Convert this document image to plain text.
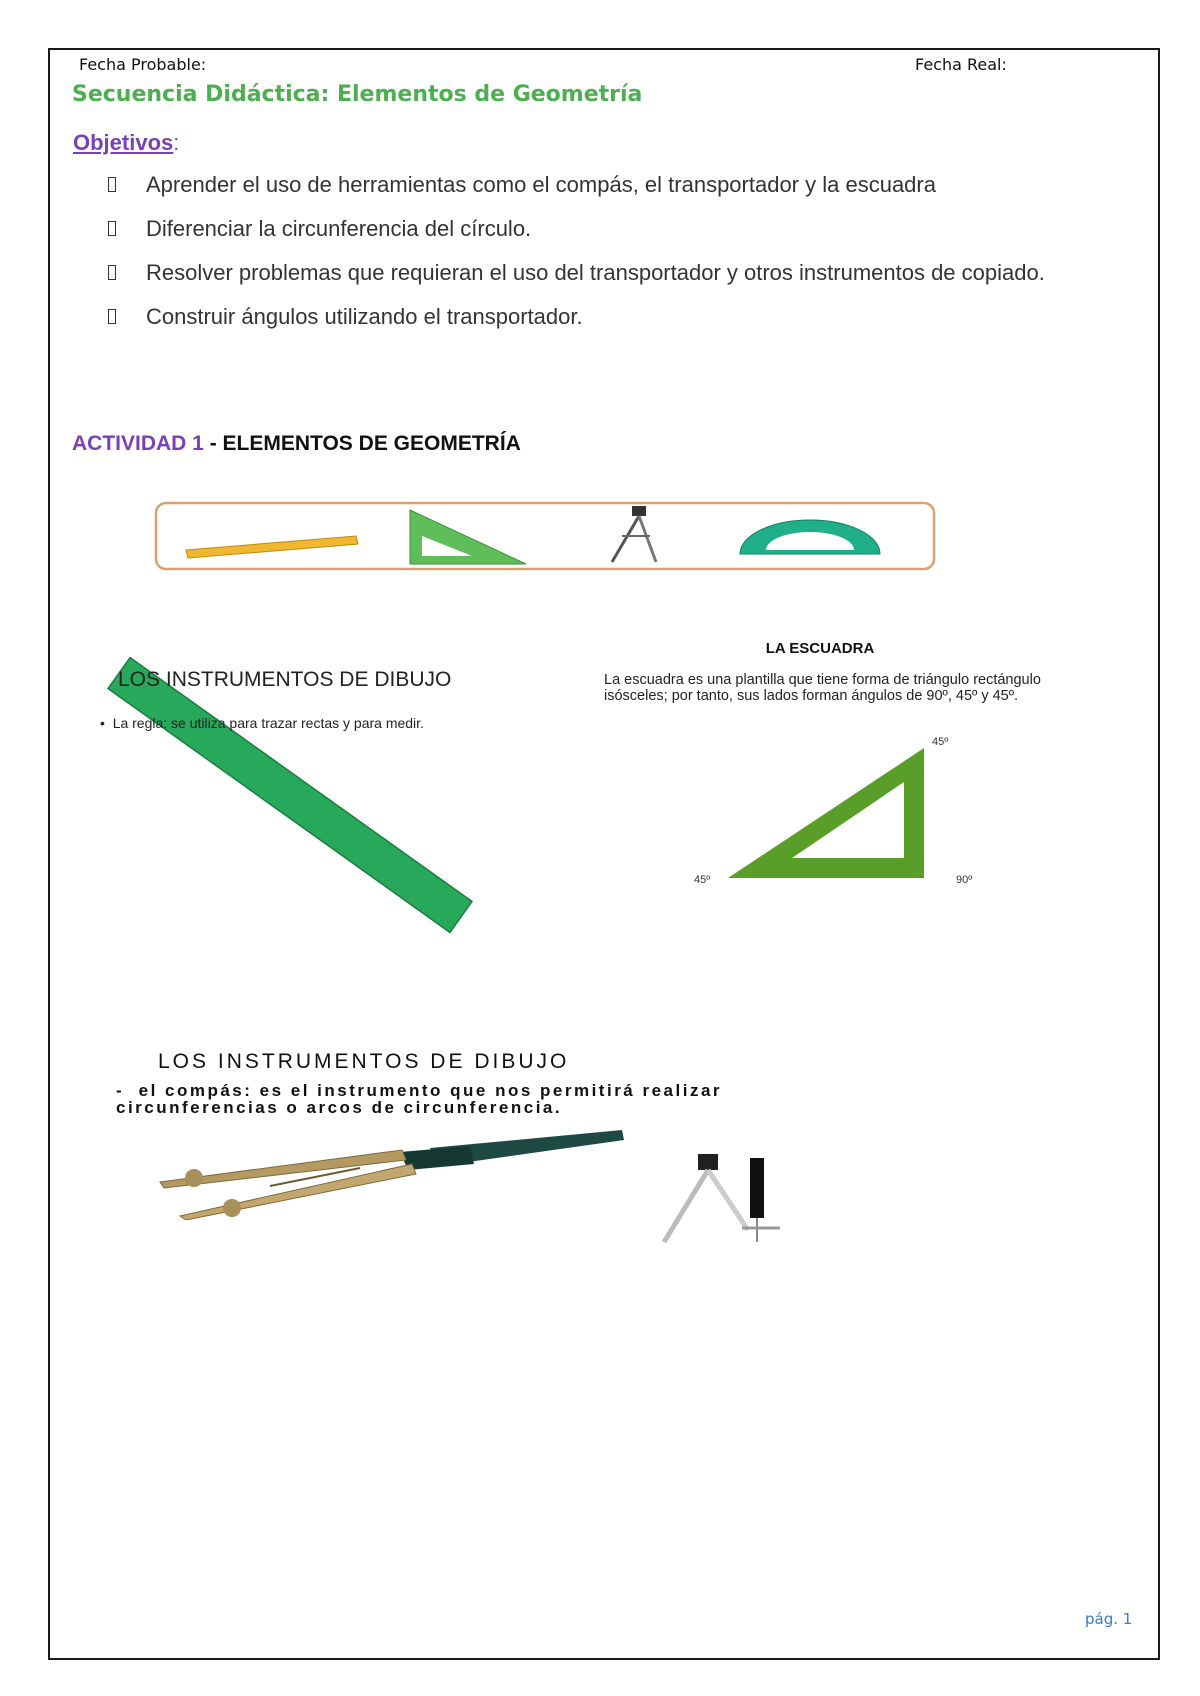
Fecha Probable:	Fecha Real:
Secuencia Didáctica: Elementos de Geometría
Objetivos:
Aprender el uso de herramientas como el compás, el transportador y la escuadra
Diferenciar la circunferencia del círculo.
Resolver problemas que requieran el uso del transportador y otros instrumentos de copiado.
Construir ángulos utilizando el transportador.
ACTIVIDAD 1 - ELEMENTOS DE GEOMETRÍA
LOS INSTRUMENTOS DE DIBUJO
•  La regla: se utiliza para trazar rectas y para medir.
LA ESCUADRA
La escuadra es una plantilla que tiene forma de triángulo rectángulo isósceles; por tanto, sus lados forman ángulos de 90º, 45º y 45º.
45º
45º	90º
LOS INSTRUMENTOS DE DIBUJO
-  el compás: es el instrumento que nos permitirá realizar circunferencias o arcos de circunferencia.
pág. 1
